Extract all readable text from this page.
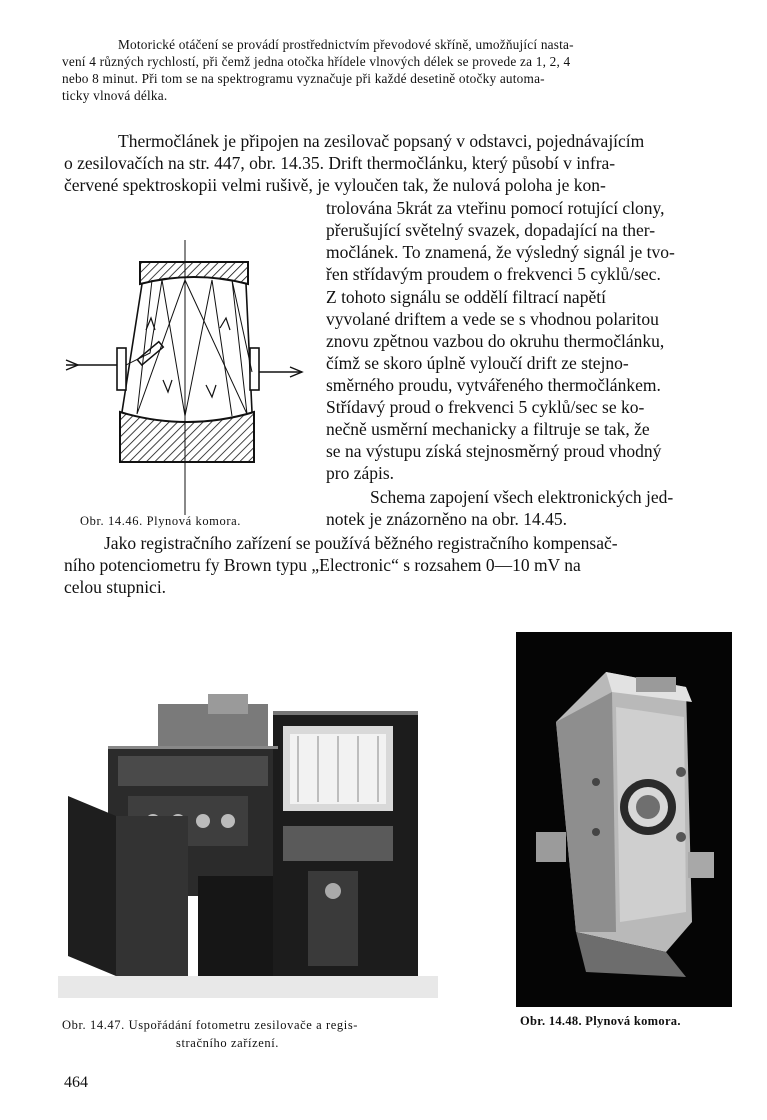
Motorické otáčení se provádí prostřednictvím převodové skříně, umožňující nasta-
vení 4 různých rychlostí, při čemž jedna otočka hřídele vlnových délek se provede za 1, 2, 4
nebo 8 minut. Při tom se na spektrogramu vyznačuje při každé desetině otočky automa-
ticky vlnová délka.
Thermočlánek je připojen na zesilovač popsaný v odstavci, pojednávajícím
o zesilovačích na str. 447, obr. 14.35. Drift thermočlánku, který působí v infra-
červené spektroskopii velmi rušivě, je vyloučen tak, že nulová poloha je kon-
trolována 5krát za vteřinu pomocí rotující clony,
přerušující světelný svazek, dopadající na ther-
močlánek. To znamená, že výsledný signál je tvo-
řen střídavým proudem o frekvenci 5 cyklů/sec.
Z tohoto signálu se oddělí filtrací napětí
vyvolané driftem a vede se s vhodnou polaritou
znovu zpětnou vazbou do okruhu thermočlánku,
čímž se skoro úplně vyloučí drift ze stejno-
směrného proudu, vytvářeného thermočlánkem.
Střídavý proud o frekvenci 5 cyklů/sec se ko-
nečně usměrní mechanicky a filtruje se tak, že
se na výstupu získá stejnosměrný proud vhodný
pro zápis.
Schema zapojení všech elektronických jed-
notek je znázorněno na obr. 14.45.
Jako registračního zařízení se používá běžného registračního kompensač-
ního potenciometru fy Brown typu „Electronic“ s rozsahem 0—10 mV na
celou stupnici.
Obr. 14.46. Plynová komora.
Obr. 14.47. Uspořádání fotometru zesilovače a regis-
stračního zařízení.
Obr. 14.48. Plynová komora.
464
